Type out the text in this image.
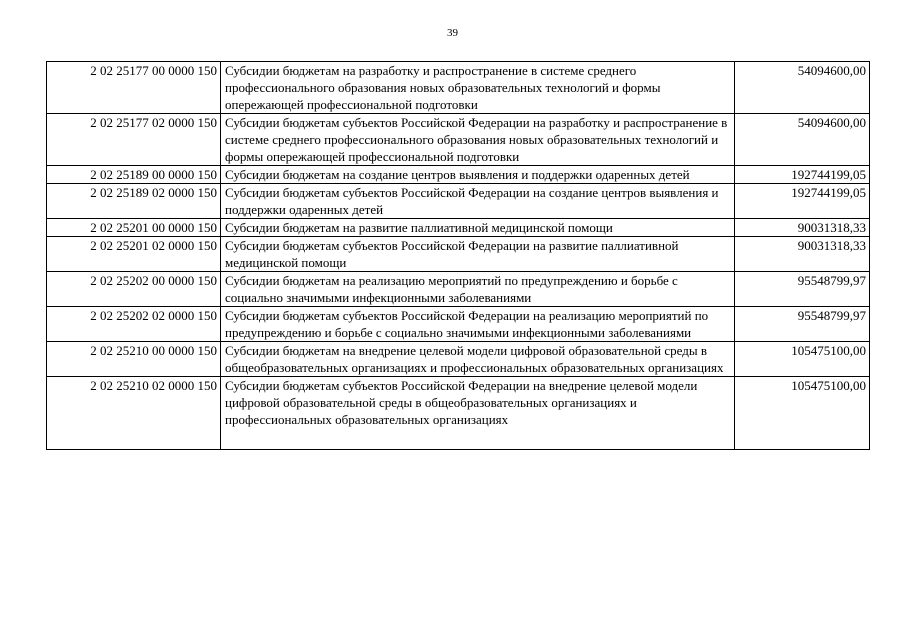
39
2 02 25177 00 0000 150	Субсидии бюджетам на разработку и распространение в системе среднего профессионального образования новых образовательных технологий и формы опережающей профессиональной подготовки	54094600,00
2 02 25177 02 0000 150	Субсидии бюджетам субъектов Российской Федерации на разработку и распространение в системе среднего профессионального образования новых образовательных технологий и формы опережающей профессиональной подготовки	54094600,00
2 02 25189 00 0000 150	Субсидии бюджетам на создание центров выявления и поддержки одаренных детей	192744199,05
2 02 25189 02 0000 150	Субсидии бюджетам субъектов Российской Федерации на создание центров выявления и поддержки одаренных детей	192744199,05
2 02 25201 00 0000 150	Субсидии бюджетам на развитие паллиативной медицинской помощи	90031318,33
2 02 25201 02 0000 150	Субсидии бюджетам субъектов Российской Федерации на развитие паллиативной медицинской помощи	90031318,33
2 02 25202 00 0000 150	Субсидии бюджетам на реализацию мероприятий по предупреждению и борьбе с социально значимыми инфекционными заболеваниями	95548799,97
2 02 25202 02 0000 150	Субсидии бюджетам субъектов Российской Федерации на реализацию мероприятий по предупреждению и борьбе с социально значимыми инфекционными заболеваниями	95548799,97
2 02 25210 00 0000 150	Субсидии бюджетам на внедрение целевой модели цифровой образовательной среды в общеобразовательных организациях и профессиональных образовательных организациях	105475100,00
2 02 25210 02 0000 150	Субсидии бюджетам субъектов Российской Федерации на внедрение целевой модели цифровой образовательной среды в общеобразовательных организациях и профессиональных образовательных организациях	105475100,00
